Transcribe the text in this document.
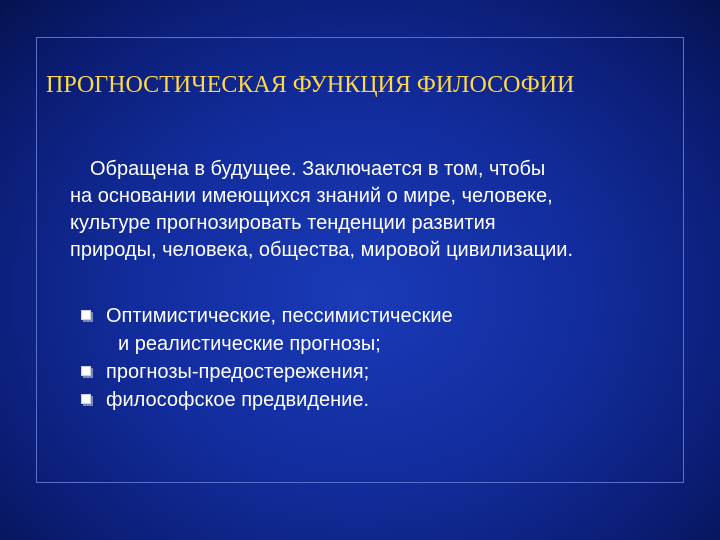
ПРОГНОСТИЧЕСКАЯ ФУНКЦИЯ ФИЛОСОФИИ

Обращена в будущее. Заключается в том, чтобы
на основании имеющихся знаний о мире, человеке,
культуре прогнозировать тенденции развития
природы, человека, общества, мировой цивилизации.

Оптимистические, пессимистические
и реалистические прогнозы;
прогнозы-предостережения;
философское предвидение.
